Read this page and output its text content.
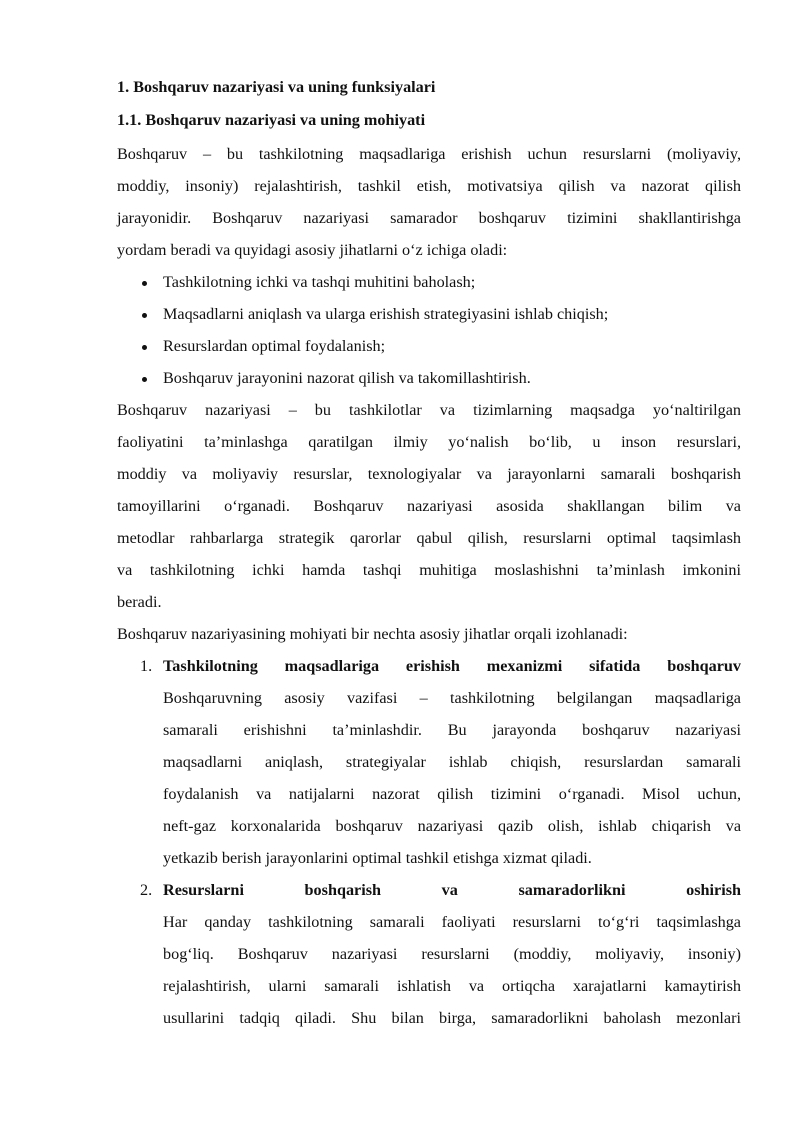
1. Boshqaruv nazariyasi va uning funksiyalari
1.1. Boshqaruv nazariyasi va uning mohiyati
Boshqaruv – bu tashkilotning maqsadlariga erishish uchun resurslarni (moliyaviy,
moddiy, insoniy) rejalashtirish, tashkil etish, motivatsiya qilish va nazorat qilish
jarayonidir. Boshqaruv nazariyasi samarador boshqaruv tizimini shakllantirishga
yordam beradi va quyidagi asosiy jihatlarni o‘z ichiga oladi:
Tashkilotning ichki va tashqi muhitini baholash;
Maqsadlarni aniqlash va ularga erishish strategiyasini ishlab chiqish;
Resurslardan optimal foydalanish;
Boshqaruv jarayonini nazorat qilish va takomillashtirish.
Boshqaruv nazariyasi – bu tashkilotlar va tizimlarning maqsadga yo‘naltirilgan
faoliyatini ta’minlashga qaratilgan ilmiy yo‘nalish bo‘lib, u inson resurslari,
moddiy va moliyaviy resurslar, texnologiyalar va jarayonlarni samarali boshqarish
tamoyillarini o‘rganadi. Boshqaruv nazariyasi asosida shakllangan bilim va
metodlar rahbarlarga strategik qarorlar qabul qilish, resurslarni optimal taqsimlash
va tashkilotning ichki hamda tashqi muhitiga moslashishni ta’minlash imkonini
beradi.
Boshqaruv nazariyasining mohiyati bir nechta asosiy jihatlar orqali izohlanadi:
1. Tashkilotning maqsadlariga erishish mexanizmi sifatida boshqaruv
Boshqaruvning asosiy vazifasi – tashkilotning belgilangan maqsadlariga
samarali erishishni ta’minlashdir. Bu jarayonda boshqaruv nazariyasi
maqsadlarni aniqlash, strategiyalar ishlab chiqish, resurslardan samarali
foydalanish va natijalarni nazorat qilish tizimini o‘rganadi. Misol uchun,
neft-gaz korxonalarida boshqaruv nazariyasi qazib olish, ishlab chiqarish va
yetkazib berish jarayonlarini optimal tashkil etishga xizmat qiladi.
2. Resurslarni boshqarish va samaradorlikni oshirish
Har qanday tashkilotning samarali faoliyati resurslarni to‘g‘ri taqsimlashga
bog‘liq. Boshqaruv nazariyasi resurslarni (moddiy, moliyaviy, insoniy)
rejalashtirish, ularni samarali ishlatish va ortiqcha xarajatlarni kamaytirish
usullarini tadqiq qiladi. Shu bilan birga, samaradorlikni baholash mezonlari
